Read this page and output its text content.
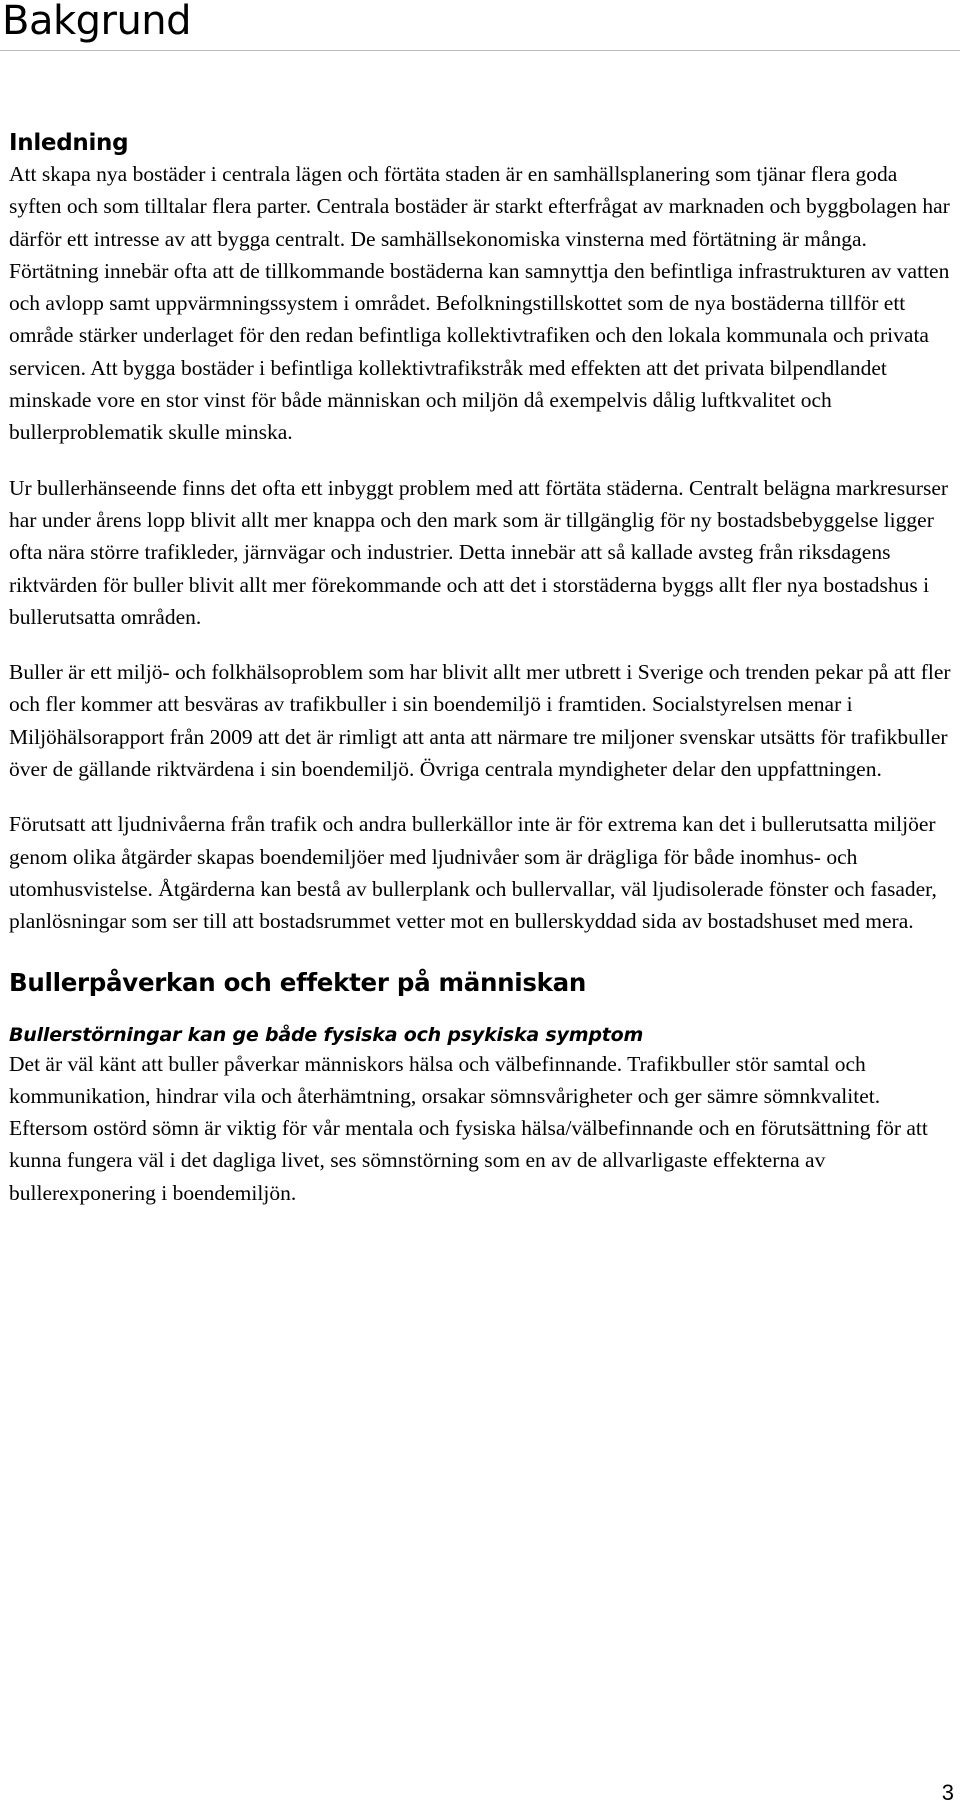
Bakgrund
Inledning

Att skapa nya bostäder i centrala lägen och förtäta staden är en samhällsplanering som tjänar flera goda syften och som tilltalar flera parter. Centrala bostäder är starkt efterfrågat av marknaden och byggbolagen har därför ett intresse av att bygga centralt. De samhällsekonomiska vinsterna med förtätning är många. Förtätning innebär ofta att de tillkommande bostäderna kan samnyttja den befintliga infrastrukturen av vatten och avlopp samt uppvärmningssystem i området. Befolkningstillskottet som de nya bostäderna tillför ett område stärker underlaget för den redan befintliga kollektivtrafiken och den lokala kommunala och privata servicen. Att bygga bostäder i befintliga kollektivtrafikstråk med effekten att det privata bilpendlandet minskade vore en stor vinst för både människan och miljön då exempelvis dålig luftkvalitet och bullerproblematik skulle minska.

Ur bullerhänseende finns det ofta ett inbyggt problem med att förtäta städerna. Centralt belägna markresurser har under årens lopp blivit allt mer knappa och den mark som är tillgänglig för ny bostadsbebyggelse ligger ofta nära större trafikleder, järnvägar och industrier. Detta innebär att så kallade avsteg från riksdagens riktvärden för buller blivit allt mer förekommande och att det i storstäderna byggs allt fler nya bostadshus i bullerutsatta områden.

Buller är ett miljö- och folkhälsoproblem som har blivit allt mer utbrett i Sverige och trenden pekar på att fler och fler kommer att besväras av trafikbuller i sin boendemiljö i framtiden. Socialstyrelsen menar i Miljöhälsorapport från 2009 att det är rimligt att anta att närmare tre miljoner svenskar utsätts för trafikbuller över de gällande riktvärdena i sin boendemiljö. Övriga centrala myndigheter delar den uppfattningen.

Förutsatt att ljudnivåerna från trafik och andra bullerkällor inte är för extrema kan det i bullerutsatta miljöer genom olika åtgärder skapas boendemiljöer med ljudnivåer som är drägliga för både inomhus- och utomhusvistelse. Åtgärderna kan bestå av bullerplank och bullervallar, väl ljudisolerade fönster och fasader, planlösningar som ser till att bostadsrummet vetter mot en bullerskyddad sida av bostadshuset med mera.

Bullerpåverkan och effekter på människan
Bullerstörningar kan ge både fysiska och psykiska symptom

Det är väl känt att buller påverkar människors hälsa och välbefinnande. Trafikbuller stör samtal och kommunikation, hindrar vila och återhämtning, orsakar sömnsvårigheter och ger sämre sömnkvalitet. Eftersom ostörd sömn är viktig för vår mentala och fysiska hälsa/välbefinnande och en förutsättning för att kunna fungera väl i det dagliga livet, ses sömnstörning som en av de allvarligaste effekterna av bullerexponering i boendemiljön.

3
